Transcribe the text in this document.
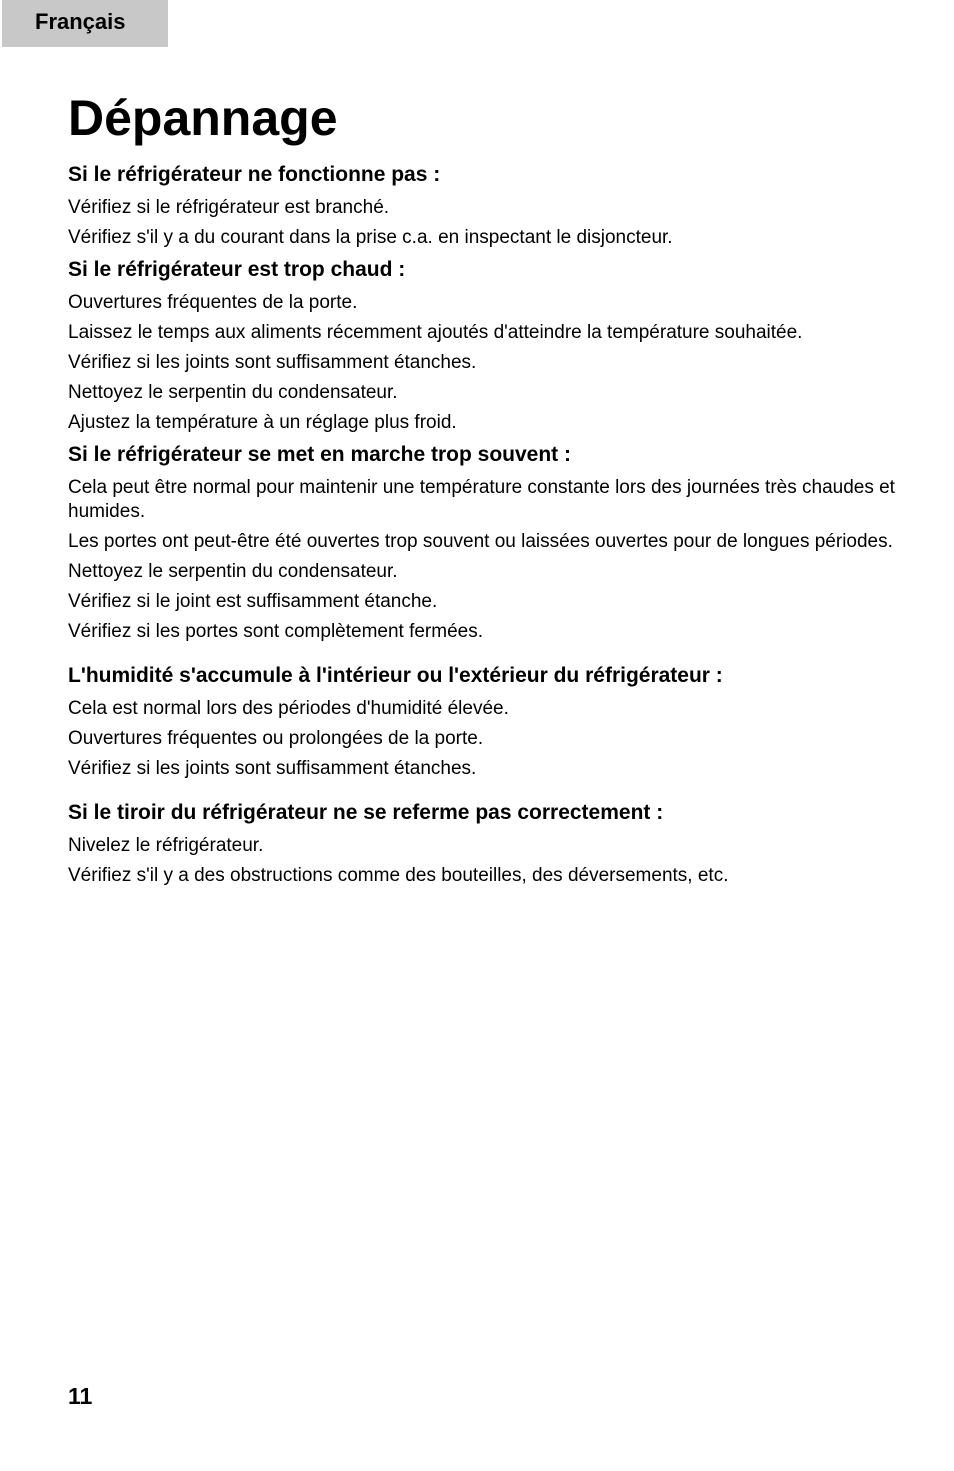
Français
Dépannage
Si le réfrigérateur ne fonctionne pas :
Vérifiez si le réfrigérateur est branché.
Vérifiez s'il y a du courant dans la prise c.a. en inspectant le disjoncteur.
Si le réfrigérateur est trop chaud :
Ouvertures fréquentes de la porte.
Laissez le temps aux aliments récemment ajoutés d'atteindre la température souhaitée.
Vérifiez si les joints sont suffisamment étanches.
Nettoyez le serpentin du condensateur.
Ajustez la température à un réglage plus froid.
Si le réfrigérateur se met en marche trop souvent :
Cela peut être normal pour maintenir une température constante lors des journées très chaudes et humides.
Les portes ont peut-être été ouvertes trop souvent ou laissées ouvertes pour de longues périodes.
Nettoyez le serpentin du condensateur.
Vérifiez si le joint est suffisamment étanche.
Vérifiez si les portes sont complètement fermées.
L'humidité s'accumule à l'intérieur ou l'extérieur du réfrigérateur :
Cela est normal lors des périodes d'humidité élevée.
Ouvertures fréquentes ou prolongées de la porte.
Vérifiez si les joints sont suffisamment étanches.
Si le tiroir du réfrigérateur ne se referme pas correctement :
Nivelez le réfrigérateur.
Vérifiez s'il y a des obstructions comme des bouteilles, des déversements, etc.
11
